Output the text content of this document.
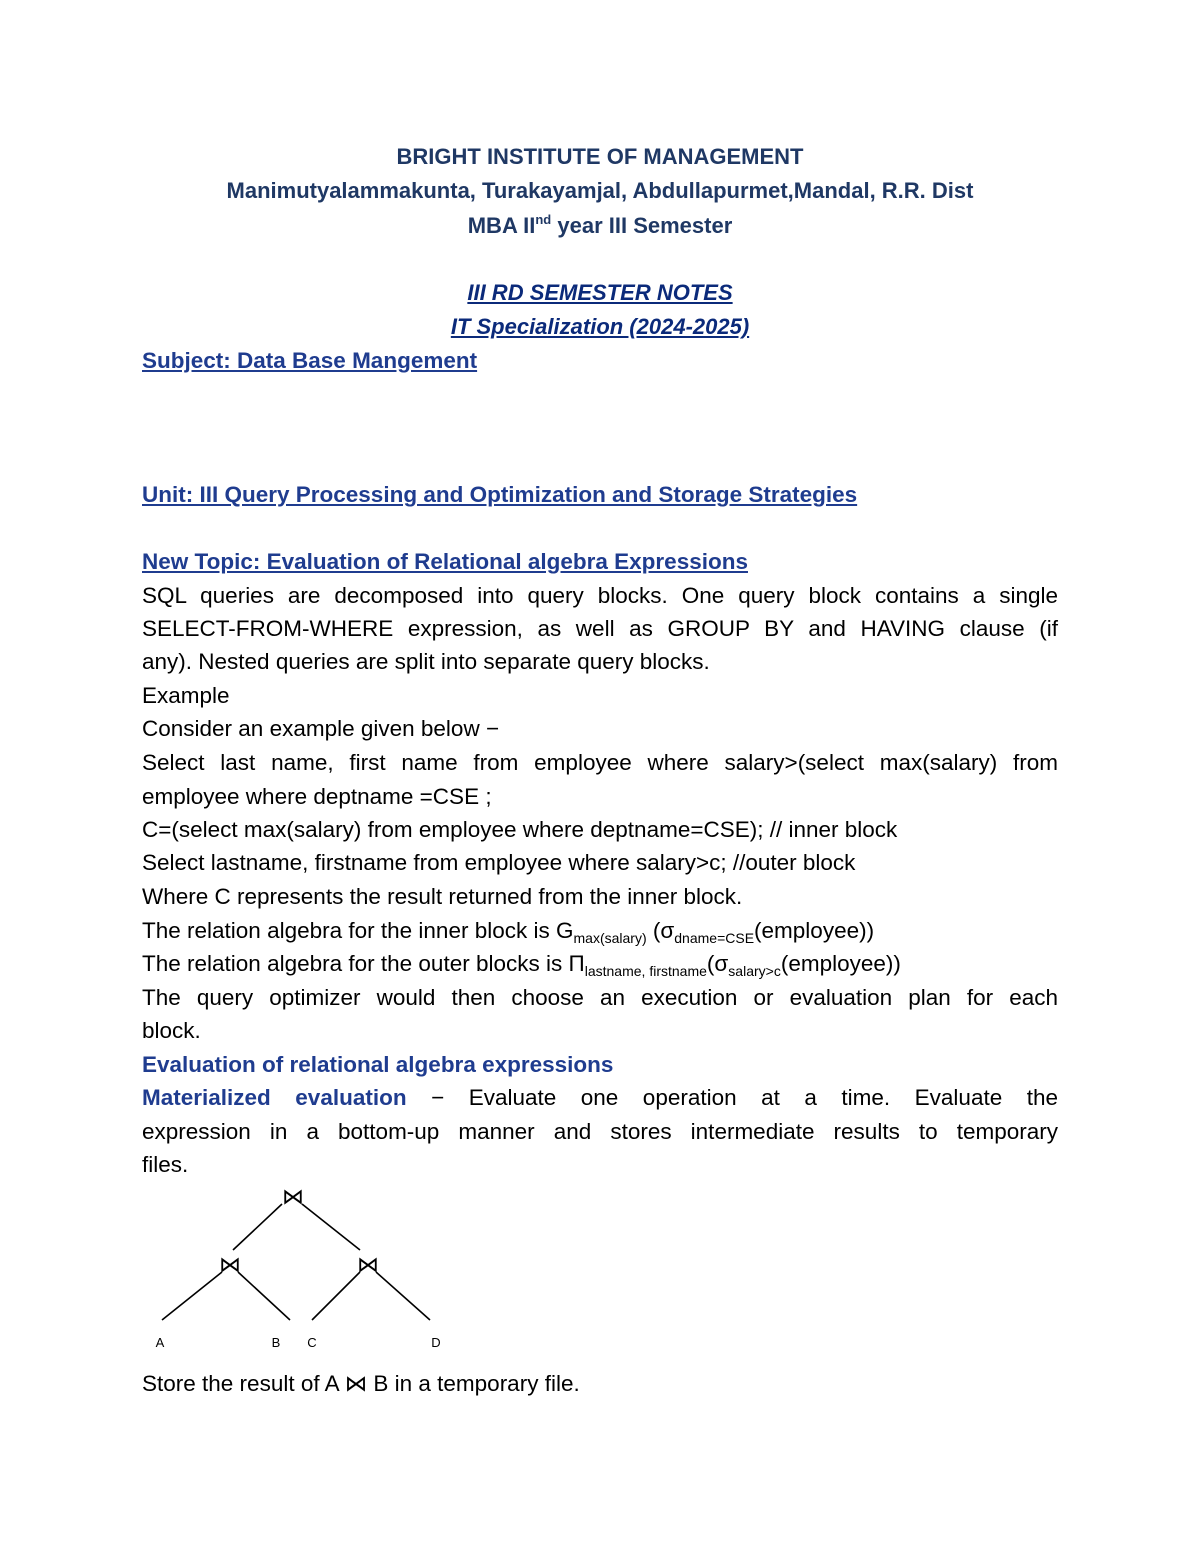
BRIGHT INSTITUTE OF MANAGEMENT
Manimutyalammakunta, Turakayamjal, Abdullapurmet,Mandal, R.R. Dist
MBA IInd year III Semester
III RD SEMESTER NOTES
IT Specialization (2024-2025)
Subject: Data Base Mangement
Unit: III Query Processing and Optimization and Storage Strategies
New Topic: Evaluation of Relational algebra Expressions
SQL queries are decomposed into query blocks. One query block contains a single
SELECT-FROM-WHERE expression, as well as GROUP BY and HAVING clause (if
any). Nested queries are split into separate query blocks.
Example
Consider an example given below −
Select last name, first name from employee where salary>(select max(salary) from
employee where deptname =CSE ;
C=(select max(salary) from employee where deptname=CSE); // inner block
Select lastname, firstname from employee where salary>c; //outer block
Where C represents the result returned from the inner block.
The relation algebra for the inner block is $G_{max(salary)}$ $(\sigma_{dname=CSE}(employee))$
The relation algebra for the outer blocks is $\Pi_{lastname, firstname}(\sigma_{salary>c}(employee))$
The query optimizer would then choose an execution or evaluation plan for each
block.
Evaluation of relational algebra expressions
Materialized evaluation − Evaluate one operation at a time. Evaluate the
expression in a bottom-up manner and stores intermediate results to temporary
files.
⋈
⋈	⋈
A	B C	D
Store the result of A ⋈ B in a temporary file.
